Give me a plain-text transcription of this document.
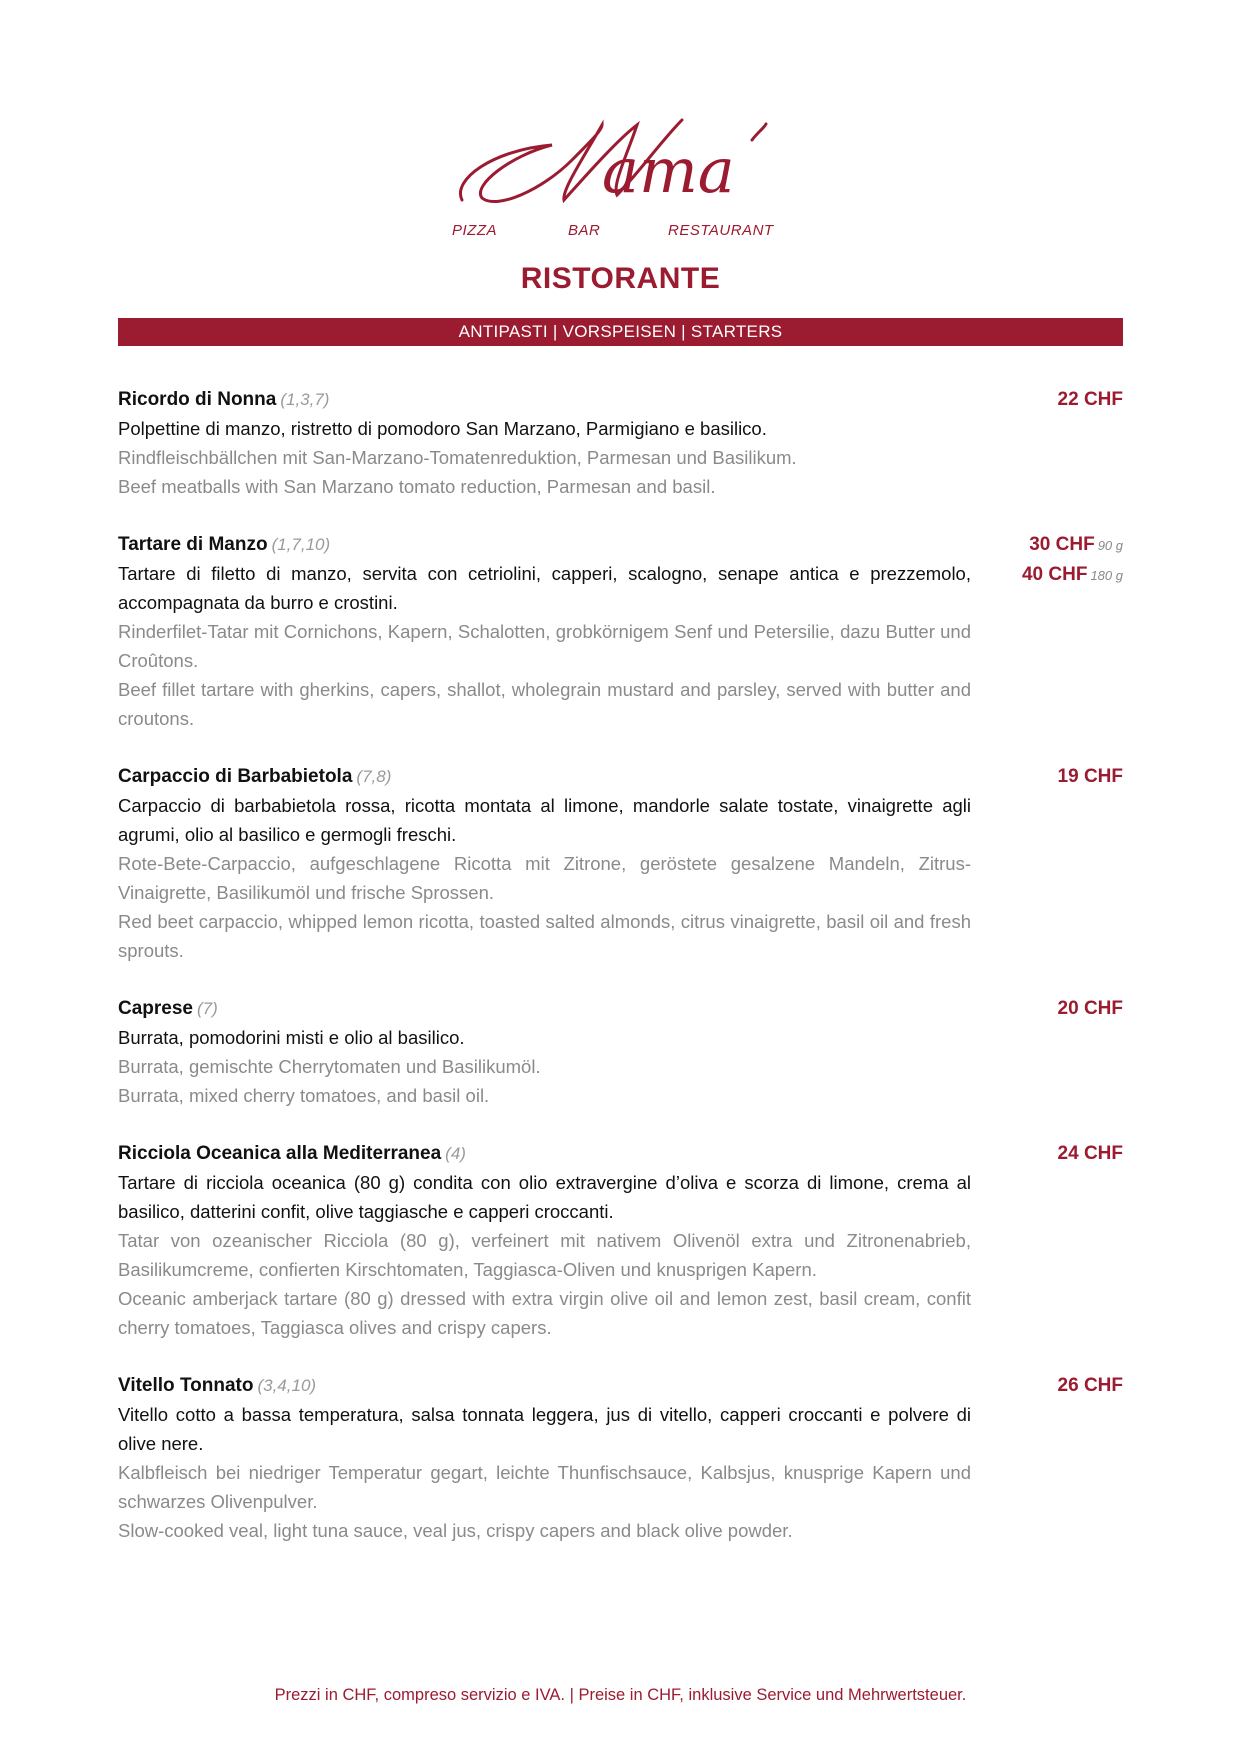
ama
PIZZA	BAR	RESTAURANT
RISTORANTE
ANTIPASTI | VORSPEISEN | STARTERS
Ricordo di Nonna (1,3,7)
Polpettine di manzo, ristretto di pomodoro San Marzano, Parmigiano e basilico.
Rindfleischbällchen mit San-Marzano-Tomatenreduktion, Parmesan und Basilikum.
Beef meatballs with San Marzano tomato reduction, Parmesan and basil.
22 CHF
Tartare di Manzo (1,7,10)
Tartare di filetto di manzo, servita con cetriolini, capperi, scalogno, senape antica e prezzemolo, accompagnata da burro e crostini.
Rinderfilet-Tatar mit Cornichons, Kapern, Schalotten, grobkörnigem Senf und Petersilie, dazu Butter und Croûtons.
Beef fillet tartare with gherkins, capers, shallot, wholegrain mustard and parsley, served with butter and croutons.
30 CHF 90 g
40 CHF 180 g
Carpaccio di Barbabietola (7,8)
Carpaccio di barbabietola rossa, ricotta montata al limone, mandorle salate tostate, vinaigrette agli agrumi, olio al basilico e germogli freschi.
Rote-Bete-Carpaccio, aufgeschlagene Ricotta mit Zitrone, geröstete gesalzene Mandeln, Zitrus-Vinaigrette, Basilikumöl und frische Sprossen.
Red beet carpaccio, whipped lemon ricotta, toasted salted almonds, citrus vinaigrette, basil oil and fresh sprouts.
19 CHF
Caprese (7)
Burrata, pomodorini misti e olio al basilico.
Burrata, gemischte Cherrytomaten und Basilikumöl.
Burrata, mixed cherry tomatoes, and basil oil.
20 CHF
Ricciola Oceanica alla Mediterranea (4)
Tartare di ricciola oceanica (80 g) condita con olio extravergine d’oliva e scorza di limone, crema al basilico, datterini confit, olive taggiasche e capperi croccanti.
Tatar von ozeanischer Ricciola (80 g), verfeinert mit nativem Olivenöl extra und Zitronenabrieb, Basilikumcreme, confierten Kirschtomaten, Taggiasca-Oliven und knusprigen Kapern.
Oceanic amberjack tartare (80 g) dressed with extra virgin olive oil and lemon zest, basil cream, confit cherry tomatoes, Taggiasca olives and crispy capers.
24 CHF
Vitello Tonnato (3,4,10)
Vitello cotto a bassa temperatura, salsa tonnata leggera, jus di vitello, capperi croccanti e polvere di olive nere.
Kalbfleisch bei niedriger Temperatur gegart, leichte Thunfischsauce, Kalbsjus, knusprige Kapern und schwarzes Olivenpulver.
Slow-cooked veal, light tuna sauce, veal jus, crispy capers and black olive powder.
26 CHF
Prezzi in CHF, compreso servizio e IVA. | Preise in CHF, inklusive Service und Mehrwertsteuer.
